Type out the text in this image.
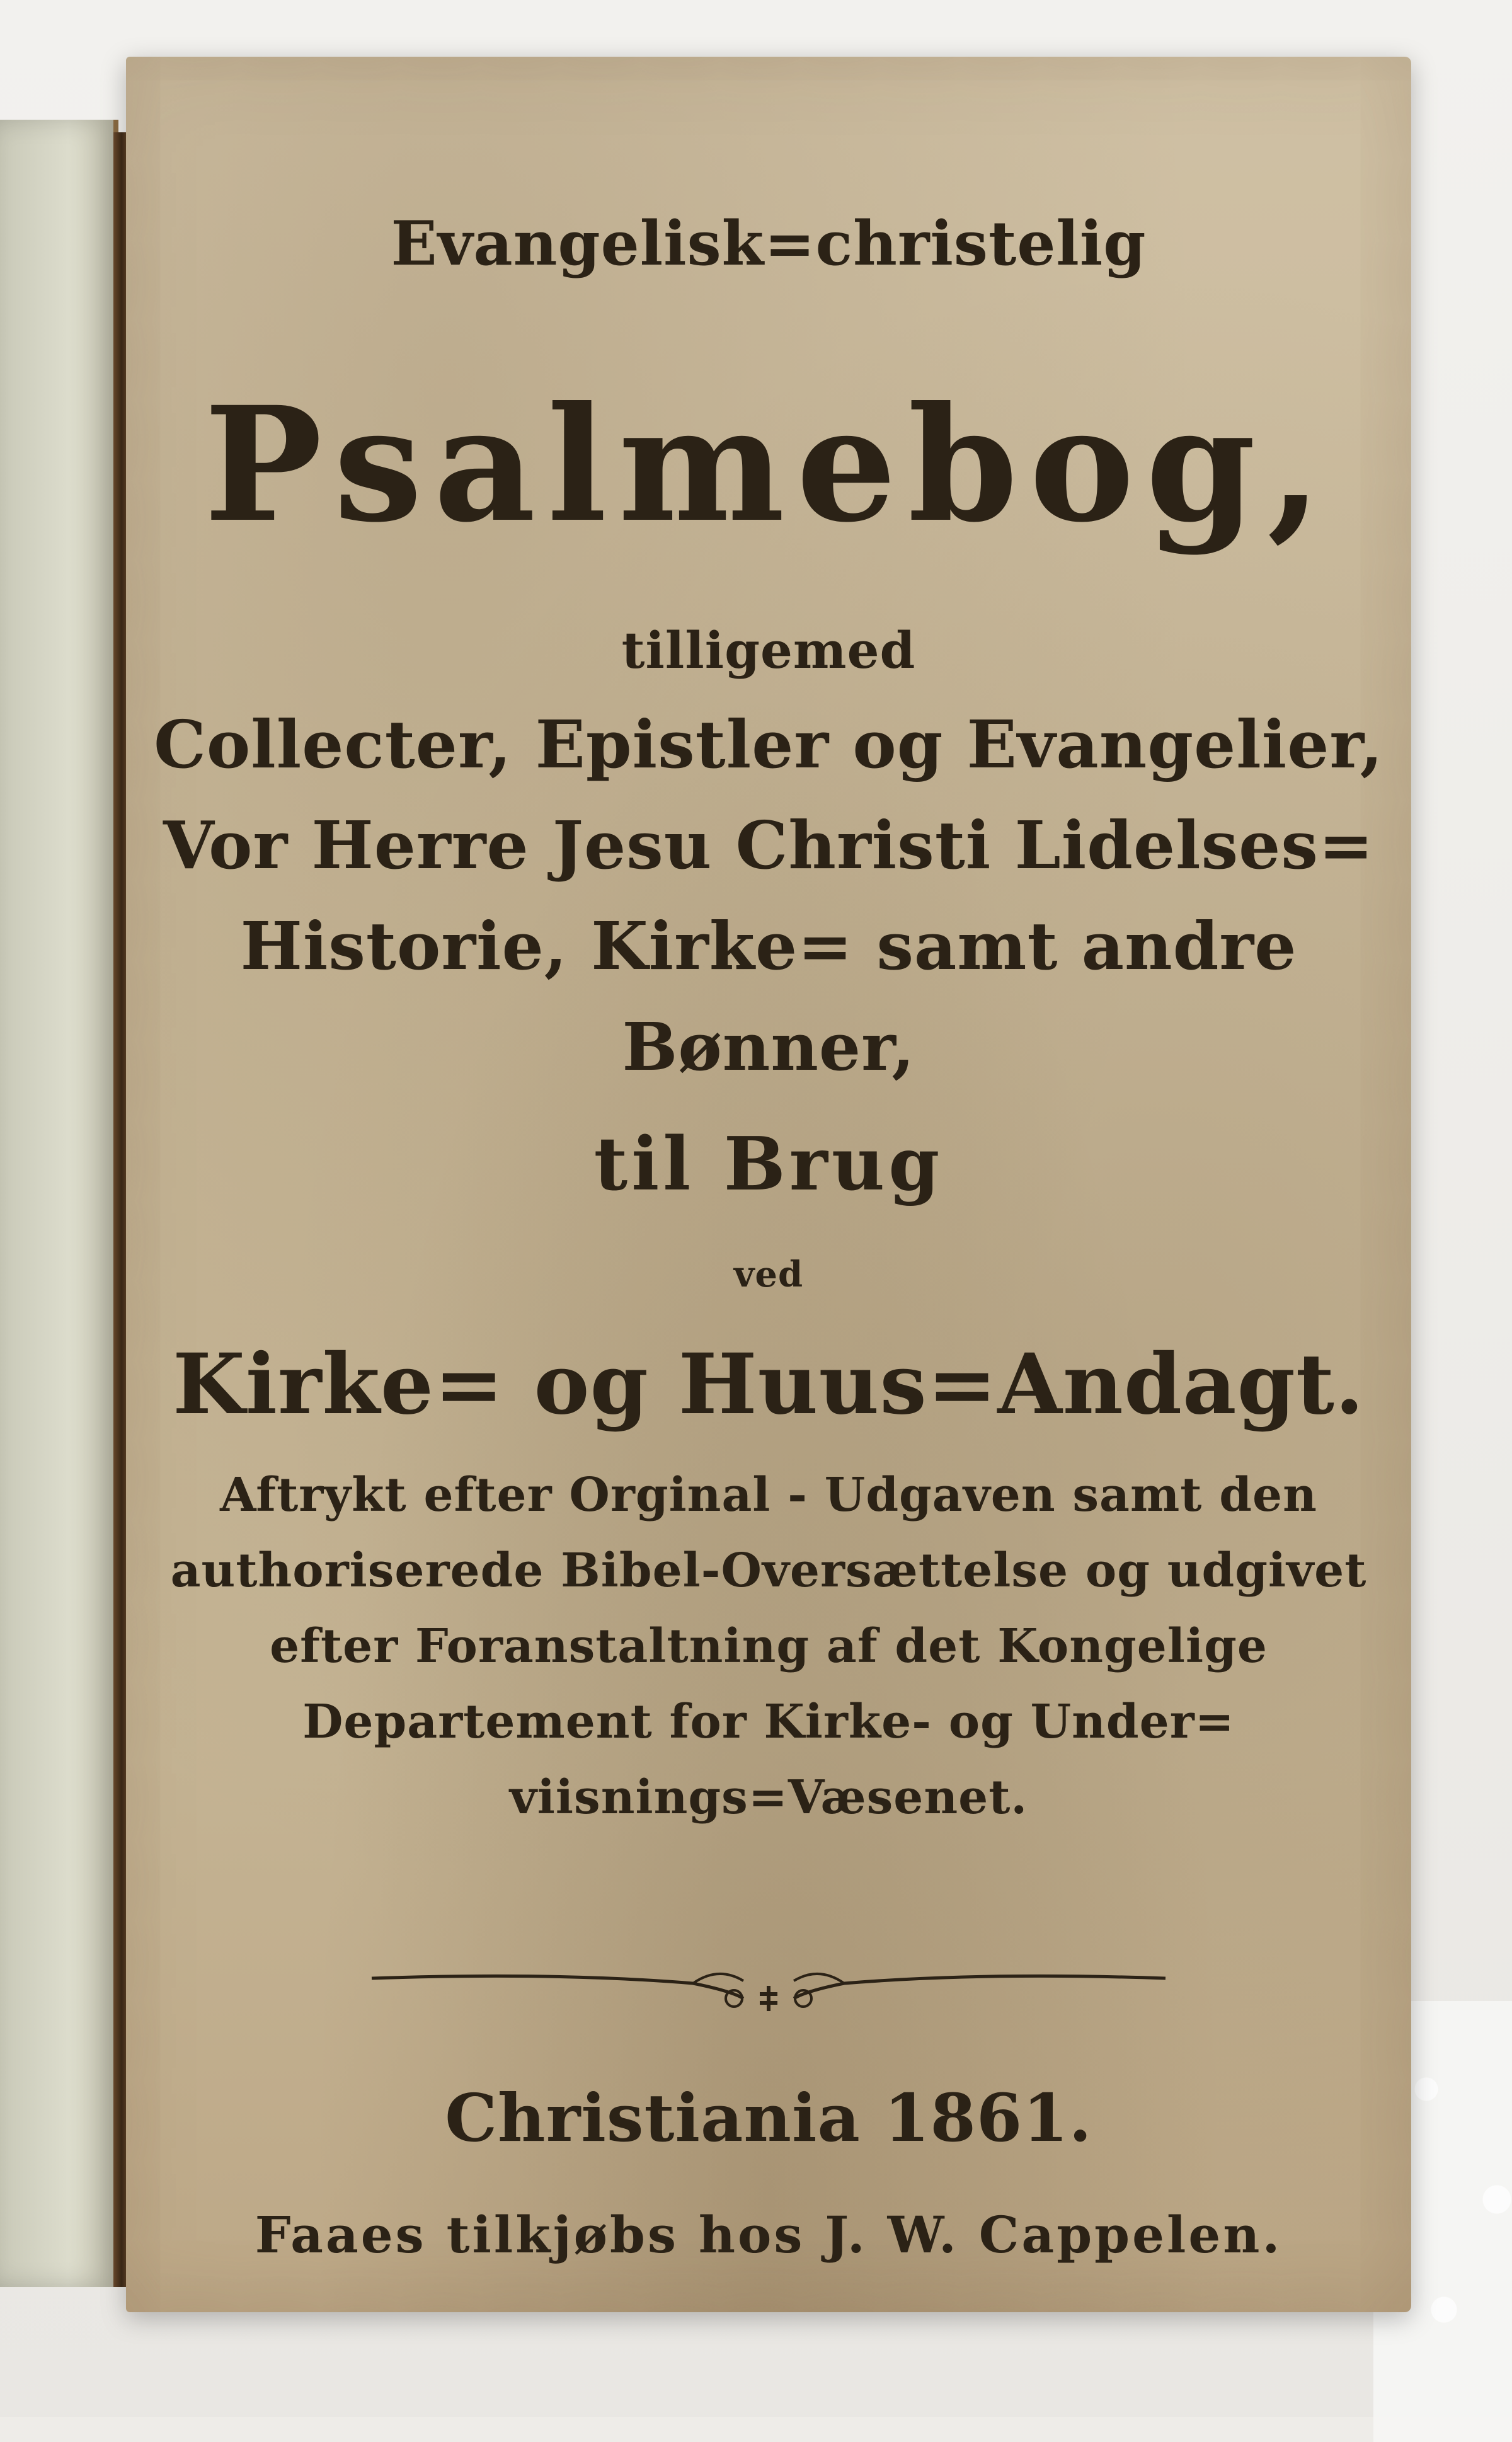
Evangelisk=christelig
Psalmebog,
tilligemed
Collecter, Epistler og Evangelier,
Vor Herre Jesu Christi Lidelses=
Historie, Kirke= samt andre
Bønner,
til Brug
ved
Kirke= og Huus=Andagt.
Aftrykt efter Orginal - Udgaven samt den
authoriserede Bibel-Oversættelse og udgivet
efter Foranstaltning af det Kongelige
Departement for Kirke- og Under=
viisnings=Væsenet.
Christiania 1861.
Faaes tilkjøbs hos J. W. Cappelen.
